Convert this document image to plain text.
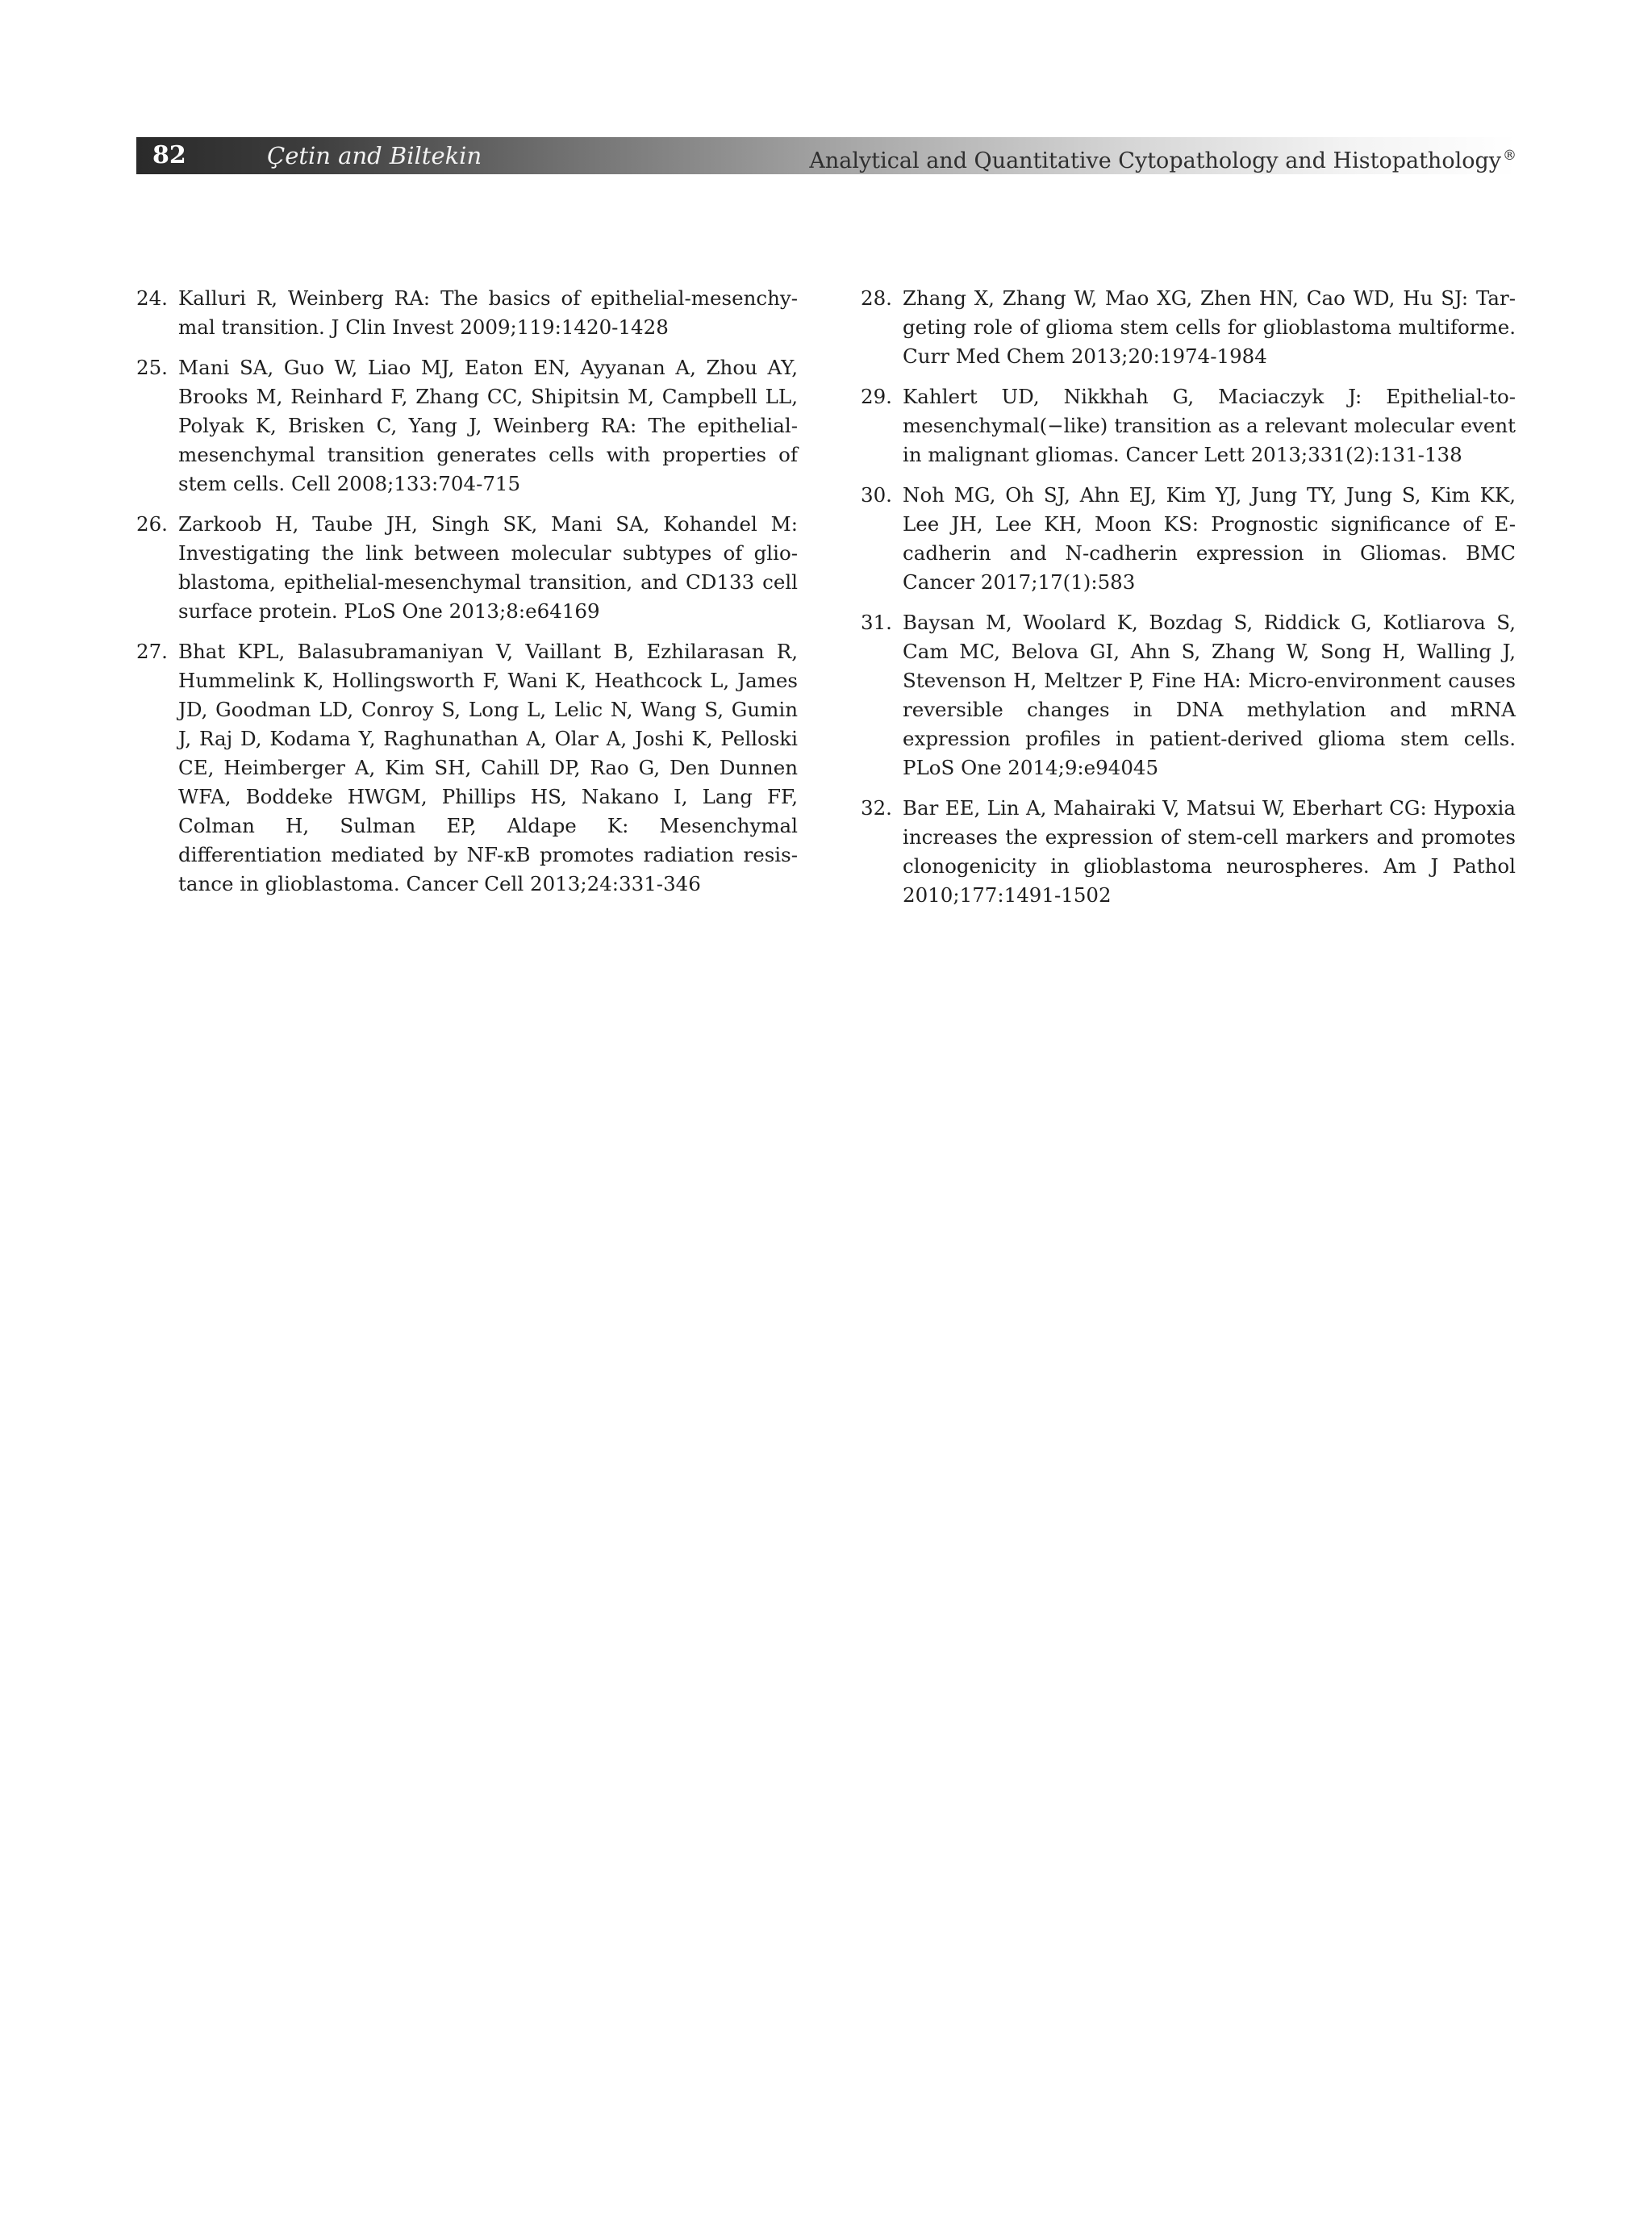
82	Çetin and Biltekin	Analytical and Quantitative Cytopathology and Histopathology ®

24. Kalluri R, Weinberg RA: The basics of epithelial-mesenchymal transition. J Clin Invest 2009;119:1420-1428

25. Mani SA, Guo W, Liao MJ, Eaton EN, Ayyanan A, Zhou AY, Brooks M, Reinhard F, Zhang CC, Shipitsin M, Campbell LL, Polyak K, Brisken C, Yang J, Weinberg RA: The epithelial-mesenchymal transition generates cells with properties of stem cells. Cell 2008;133:704-715

26. Zarkoob H, Taube JH, Singh SK, Mani SA, Kohandel M: Investigating the link between molecular subtypes of glioblastoma, epithelial-mesenchymal transition, and CD133 cell surface protein. PLoS One 2013;8:e64169

27. Bhat KPL, Balasubramaniyan V, Vaillant B, Ezhilarasan R, Hummelink K, Hollingsworth F, Wani K, Heathcock L, James JD, Goodman LD, Conroy S, Long L, Lelic N, Wang S, Gumin J, Raj D, Kodama Y, Raghunathan A, Olar A, Joshi K, Pelloski CE, Heimberger A, Kim SH, Cahill DP, Rao G, Den Dunnen WFA, Boddeke HWGM, Phillips HS, Nakano I, Lang FF, Colman H, Sulman EP, Aldape K: Mesenchymal differentiation mediated by NF-κB promotes radiation resistance in glioblastoma. Cancer Cell 2013;24:331-346

28. Zhang X, Zhang W, Mao XG, Zhen HN, Cao WD, Hu SJ: Targeting role of glioma stem cells for glioblastoma multiforme. Curr Med Chem 2013;20:1974-1984

29. Kahlert UD, Nikkhah G, Maciaczyk J: Epithelial-to-mesenchymal(−like) transition as a relevant molecular event in malignant gliomas. Cancer Lett 2013;331(2):131-138

30. Noh MG, Oh SJ, Ahn EJ, Kim YJ, Jung TY, Jung S, Kim KK, Lee JH, Lee KH, Moon KS: Prognostic significance of E-cadherin and N-cadherin expression in Gliomas. BMC Cancer 2017;17(1):583

31. Baysan M, Woolard K, Bozdag S, Riddick G, Kotliarova S, Cam MC, Belova GI, Ahn S, Zhang W, Song H, Walling J, Stevenson H, Meltzer P, Fine HA: Micro-environment causes reversible changes in DNA methylation and mRNA expression profiles in patient-derived glioma stem cells. PLoS One 2014;9:e94045

32. Bar EE, Lin A, Mahairaki V, Matsui W, Eberhart CG: Hypoxia increases the expression of stem-cell markers and promotes clonogenicity in glioblastoma neurospheres. Am J Pathol 2010;177:1491-1502
